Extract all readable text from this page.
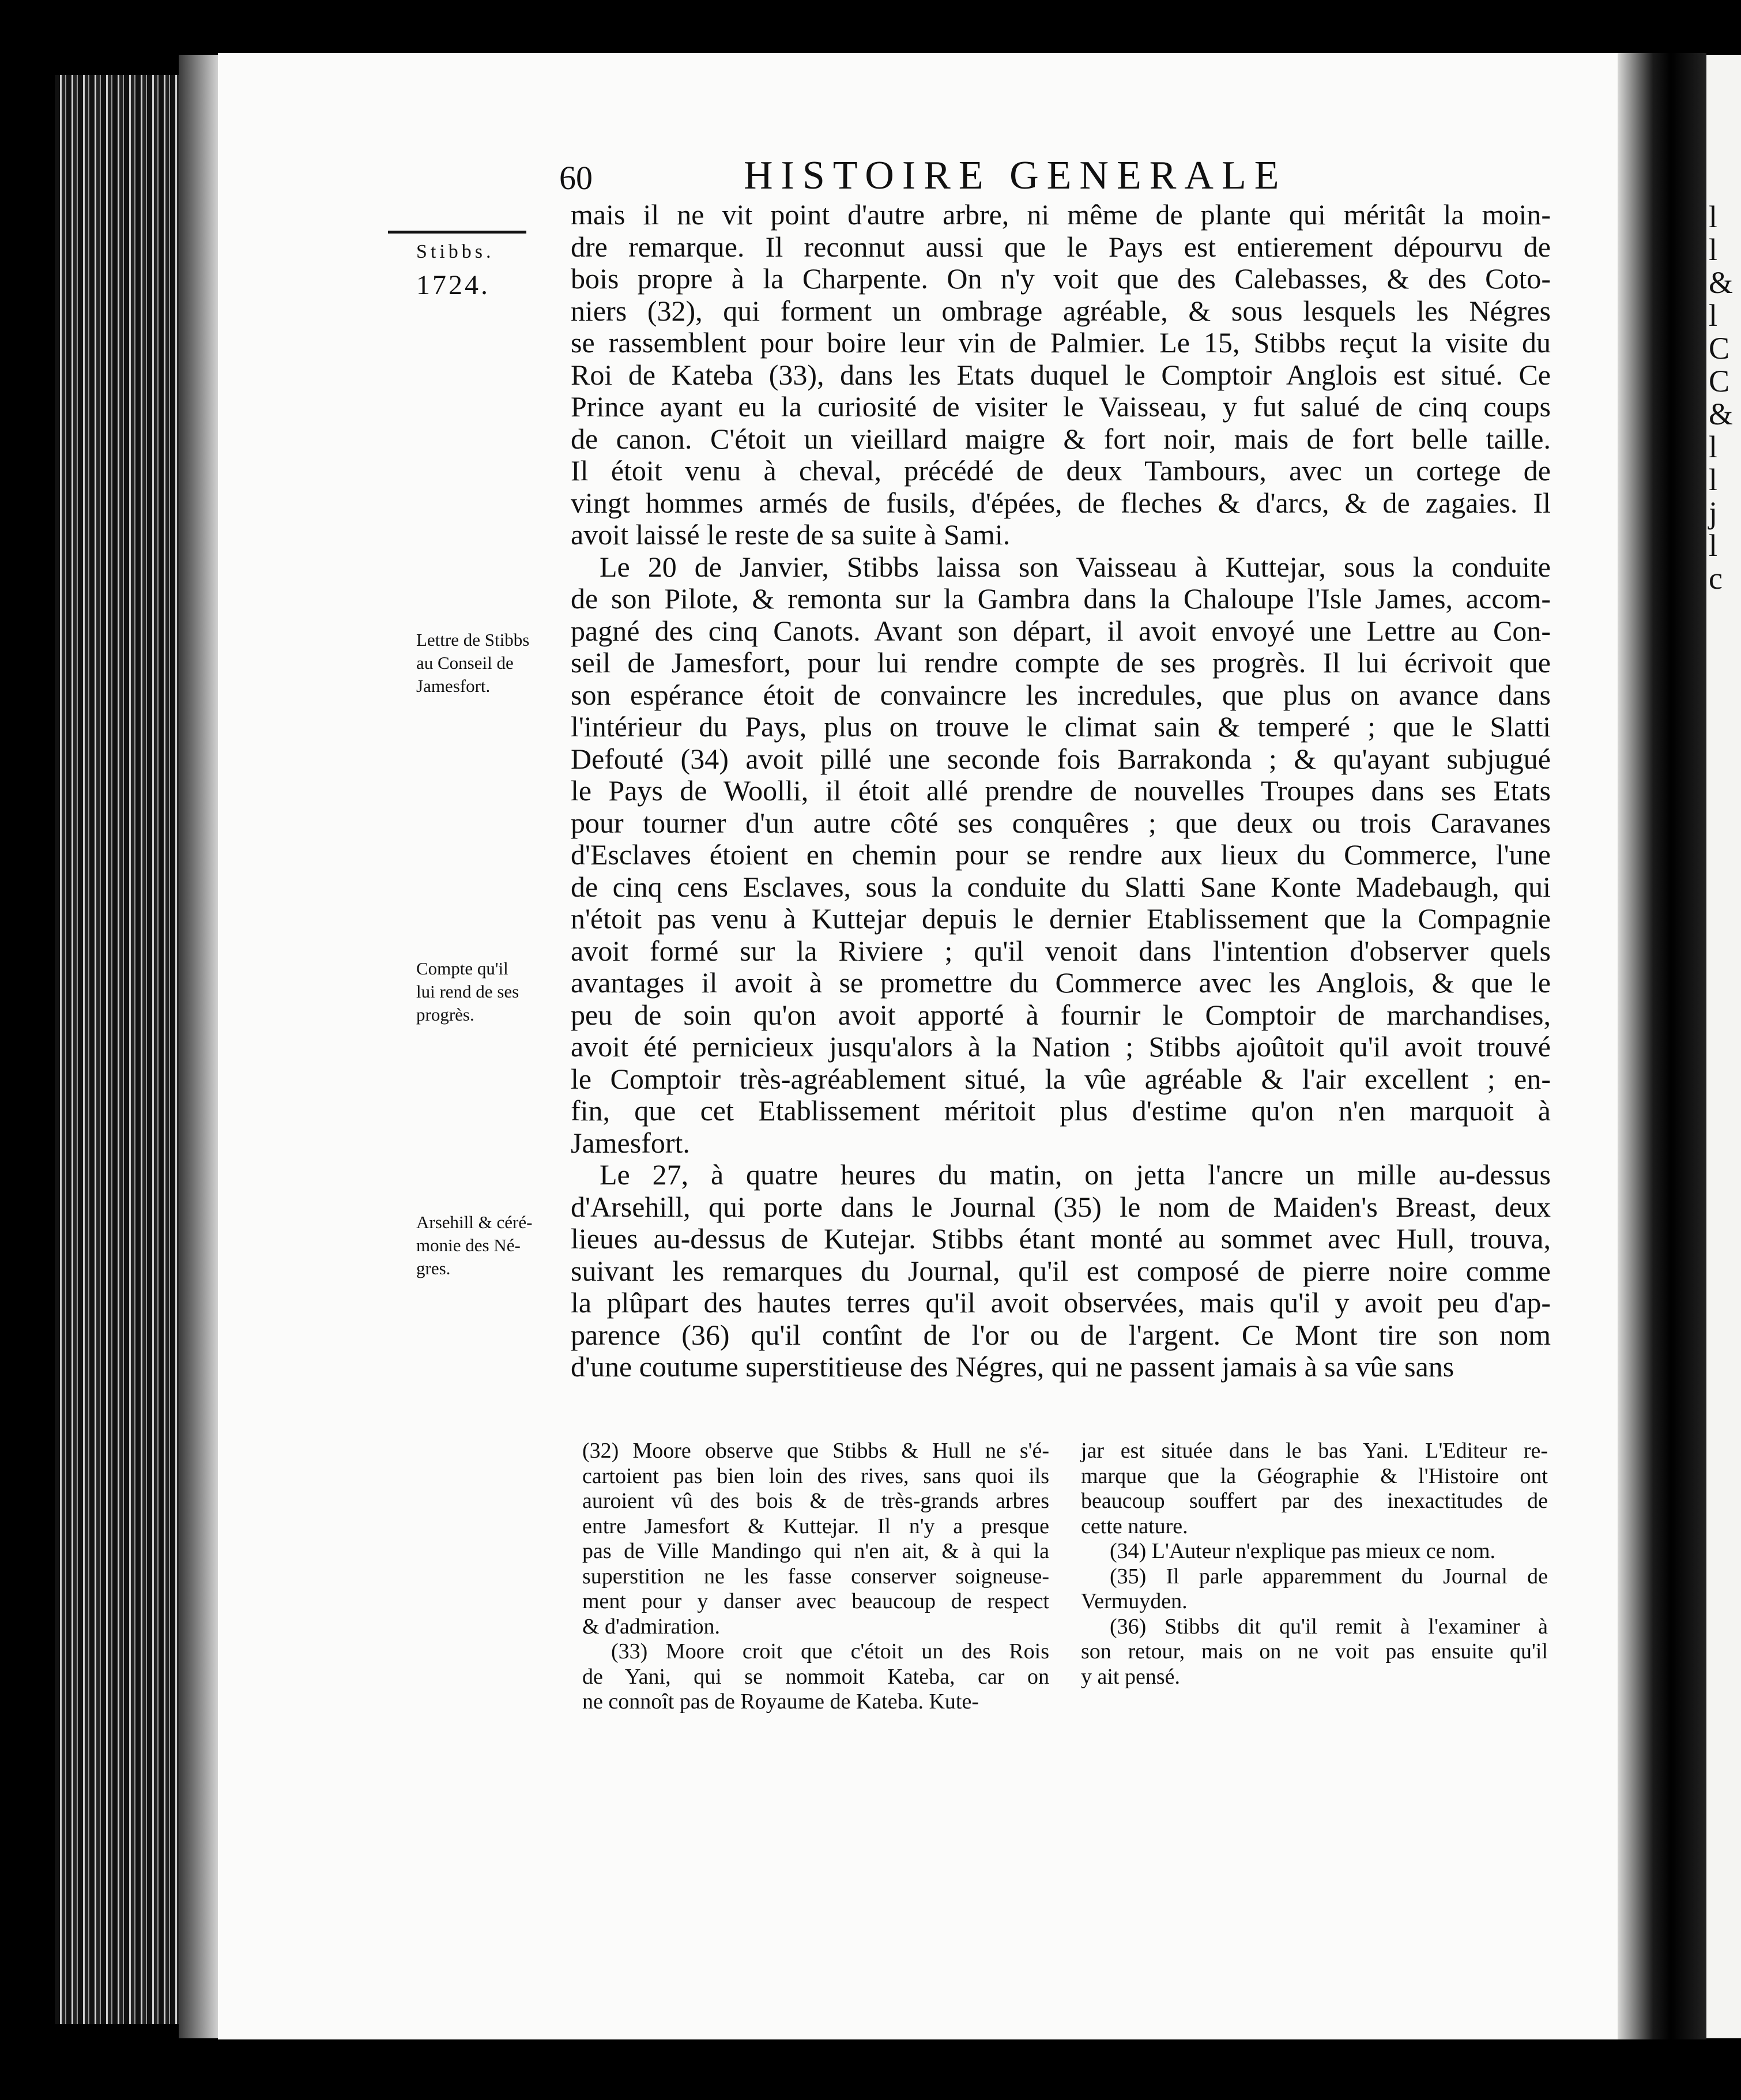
l
l
&
l
C
C
&
l
l
j
l
c
60	HISTOIRE GENERALE
Stibbs.
1724.
Lettre de Stibbs
au Conseil de
Jamesfort.
Compte qu'il
lui rend de ses
progrès.
Arsehill & céré-
monie des Né-
gres.
mais il ne vit point d'autre arbre, ni même de plante qui méritât la moin-
dre remarque. Il reconnut aussi que le Pays est entierement dépourvu de
bois propre à la Charpente. On n'y voit que des Calebasses, & des Coto-
niers (32), qui forment un ombrage agréable, & sous lesquels les Négres
se rassemblent pour boire leur vin de Palmier. Le 15, Stibbs reçut la visite du
Roi de Kateba (33), dans les Etats duquel le Comptoir Anglois est situé. Ce
Prince ayant eu la curiosité de visiter le Vaisseau, y fut salué de cinq coups
de canon. C'étoit un vieillard maigre & fort noir, mais de fort belle taille.
Il étoit venu à cheval, précédé de deux Tambours, avec un cortege de
vingt hommes armés de fusils, d'épées, de fleches & d'arcs, & de zagaies. Il
avoit laissé le reste de sa suite à Sami.
Le 20 de Janvier, Stibbs laissa son Vaisseau à Kuttejar, sous la conduite
de son Pilote, & remonta sur la Gambra dans la Chaloupe l'Isle James, accom-
pagné des cinq Canots. Avant son départ, il avoit envoyé une Lettre au Con-
seil de Jamesfort, pour lui rendre compte de ses progrès. Il lui écrivoit que
son espérance étoit de convaincre les incredules, que plus on avance dans
l'intérieur du Pays, plus on trouve le climat sain & temperé ; que le Slatti
Defouté (34) avoit pillé une seconde fois Barrakonda ; & qu'ayant subjugué
le Pays de Woolli, il étoit allé prendre de nouvelles Troupes dans ses Etats
pour tourner d'un autre côté ses conquêres ; que deux ou trois Caravanes
d'Esclaves étoient en chemin pour se rendre aux lieux du Commerce, l'une
de cinq cens Esclaves, sous la conduite du Slatti Sane Konte Madebaugh, qui
n'étoit pas venu à Kuttejar depuis le dernier Etablissement que la Compagnie
avoit formé sur la Riviere ; qu'il venoit dans l'intention d'observer quels
avantages il avoit à se promettre du Commerce avec les Anglois, & que le
peu de soin qu'on avoit apporté à fournir le Comptoir de marchandises,
avoit été pernicieux jusqu'alors à la Nation ; Stibbs ajoûtoit qu'il avoit trouvé
le Comptoir très-agréablement situé, la vûe agréable & l'air excellent ; en-
fin, que cet Etablissement méritoit plus d'estime qu'on n'en marquoit à
Jamesfort.
Le 27, à quatre heures du matin, on jetta l'ancre un mille au-dessus
d'Arsehill, qui porte dans le Journal (35) le nom de Maiden's Breast, deux
lieues au-dessus de Kutejar. Stibbs étant monté au sommet avec Hull, trouva,
suivant les remarques du Journal, qu'il est composé de pierre noire comme
la plûpart des hautes terres qu'il avoit observées, mais qu'il y avoit peu d'ap-
parence (36) qu'il contînt de l'or ou de l'argent. Ce Mont tire son nom
d'une coutume superstitieuse des Négres, qui ne passent jamais à sa vûe sans
(32) Moore observe que Stibbs & Hull ne s'é-
cartoient pas bien loin des rives, sans quoi ils
auroient vû des bois & de très-grands arbres
entre Jamesfort & Kuttejar. Il n'y a presque
pas de Ville Mandingo qui n'en ait, & à qui la
superstition ne les fasse conserver soigneuse-
ment pour y danser avec beaucoup de respect
& d'admiration.
(33) Moore croit que c'étoit un des Rois
de Yani, qui se nommoit Kateba, car on
ne connoît pas de Royaume de Kateba. Kute-
jar est située dans le bas Yani. L'Editeur re-
marque que la Géographie & l'Histoire ont
beaucoup souffert par des inexactitudes de
cette nature.
(34) L'Auteur n'explique pas mieux ce nom.
(35) Il parle apparemment du Journal de
Vermuyden.
(36) Stibbs dit qu'il remit à l'examiner à
son retour, mais on ne voit pas ensuite qu'il
y ait pensé.
